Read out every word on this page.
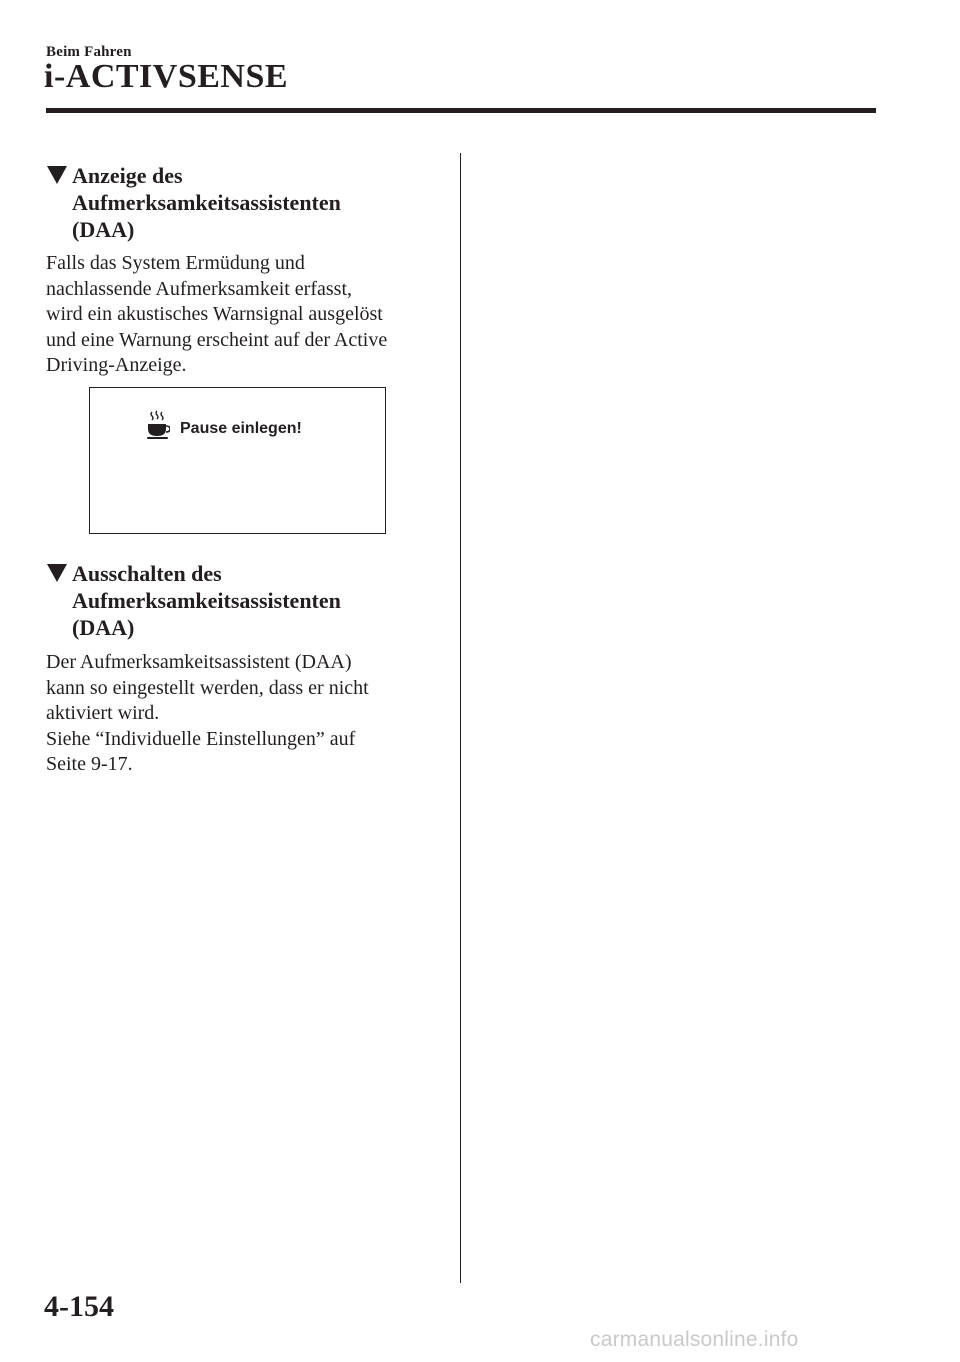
Beim Fahren
i-ACTIVSENSE
Anzeige des
Aufmerksamkeitsassistenten
(DAA)

Falls das System Ermüdung und

nachlassende Aufmerksamkeit erfasst,

wird ein akustisches Warnsignal ausgelöst

und eine Warnung erscheint auf der Active

Driving-Anzeige.

Pause einlegen!
Ausschalten des
Aufmerksamkeitsassistenten
(DAA)

Der Aufmerksamkeitsassistent (DAA)

kann so eingestellt werden, dass er nicht

aktiviert wird.

Siehe “Individuelle Einstellungen” auf

Seite 9-17.

4-154
carmanualsonline.info
